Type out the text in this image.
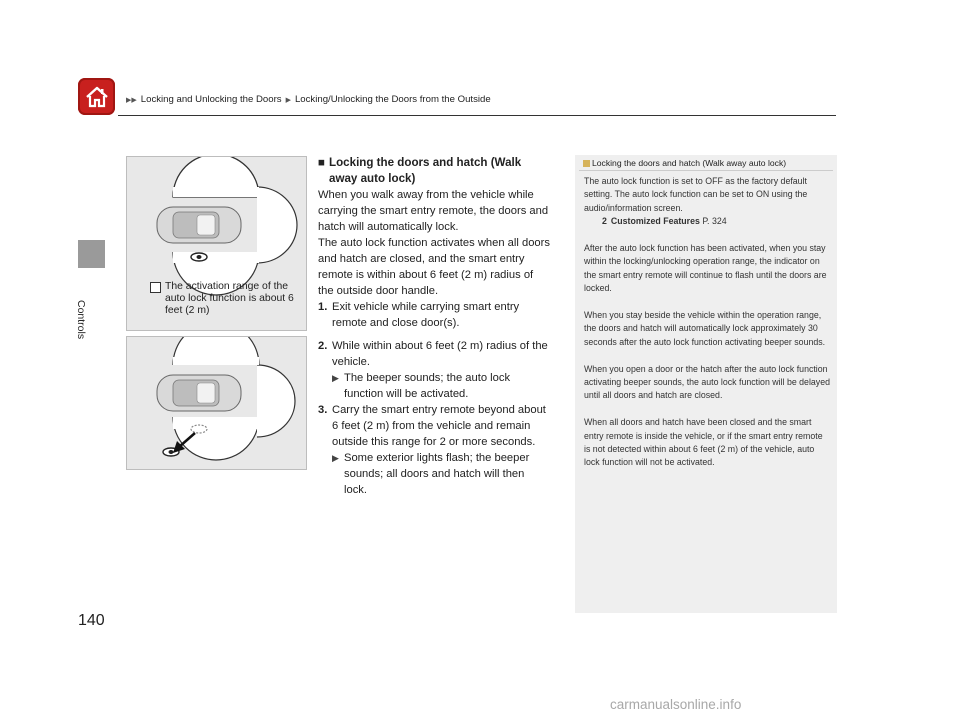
▶▶ Locking and Unlocking the Doors ▶ Locking/Unlocking the Doors from the Outside
Controls
The activation range of the auto lock function is about 6 feet (2 m)
■ Locking the doors and hatch (Walk away auto lock)

When you walk away from the vehicle while carrying the smart entry remote, the doors and hatch will automatically lock.

The auto lock function activates when all doors and hatch are closed, and the smart entry remote is within about 6 feet (2 m) radius of the outside door handle.

1. Exit vehicle while carrying smart entry remote and close door(s).
2. While within about 6 feet (2 m) radius of the vehicle.
▶ The beeper sounds; the auto lock function will be activated.
3. Carry the smart entry remote beyond about 6 feet (2 m) from the vehicle and remain outside this range for 2 or more seconds.
▶ Some exterior lights flash; the beeper sounds; all doors and hatch will then lock.
Locking the doors and hatch (Walk away auto lock)

The auto lock function is set to OFF as the factory default setting. The auto lock function can be set to ON using the audio/information screen.
2 Customized Features P. 324

After the auto lock function has been activated, when you stay within the locking/unlocking operation range, the indicator on the smart entry remote will continue to flash until the doors are locked.

When you stay beside the vehicle within the operation range, the doors and hatch will automatically lock approximately 30 seconds after the auto lock function activating beeper sounds.

When you open a door or the hatch after the auto lock function activating beeper sounds, the auto lock function will be delayed until all doors and hatch are closed.

When all doors and hatch have been closed and the smart entry remote is inside the vehicle, or if the smart entry remote is not detected within about 6 feet (2 m) of the vehicle, auto lock function will not be activated.

140
carmanualsonline.info
